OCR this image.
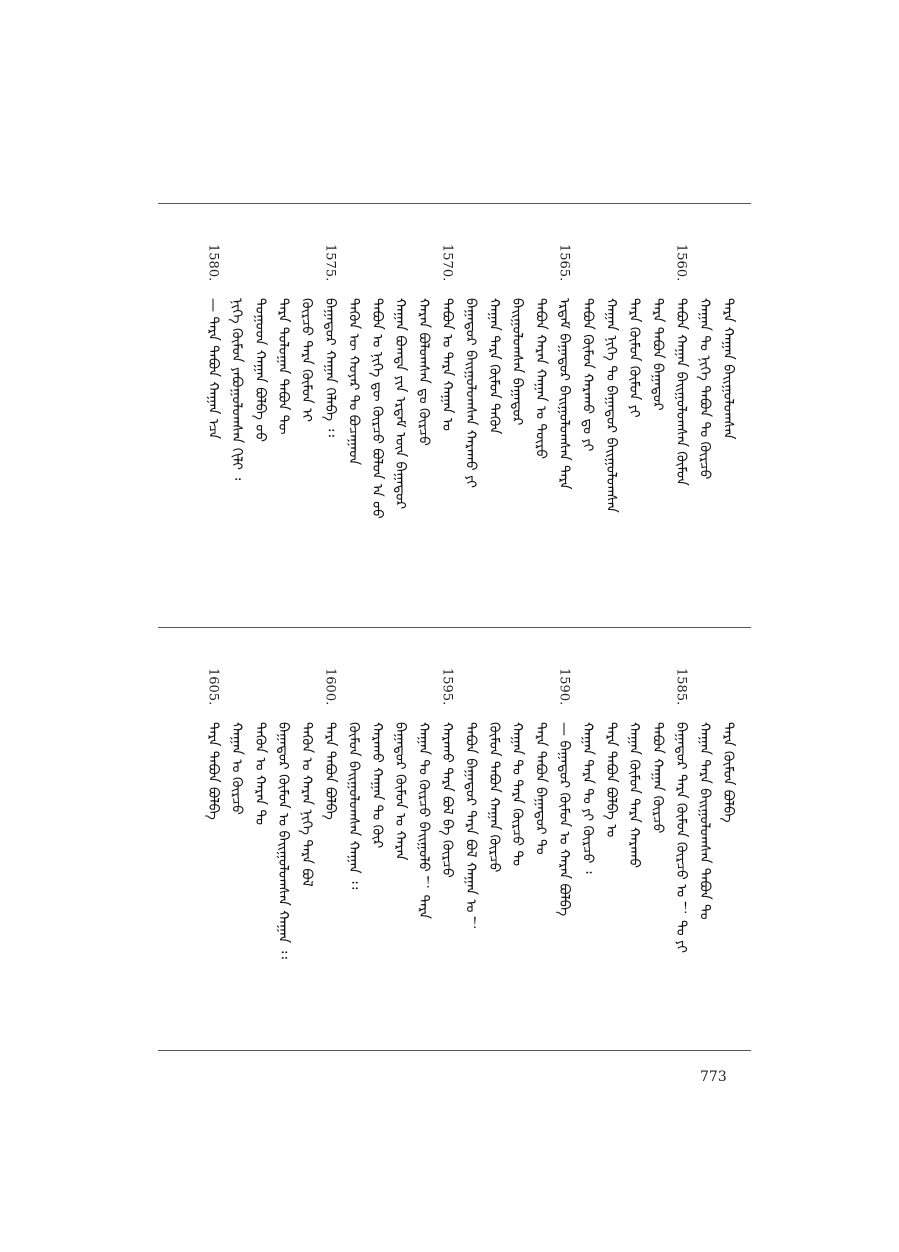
1580.
— ᠲᠡᠷᠡ ᠲᠠᠪᠤᠨ ᠬᠠᠭᠠᠨ ᠡᠴᠡ ᠨᠢᠭᠡ ᠬᠦᠮᠦᠨ ᠶᠠᠪᠤᠭᠤᠯᠤᠭᠰᠠᠨ ᠬᠢᠯᠢ ᠄ ᠳᠣᠭᠤᠳ ᠬᠠᠭᠠᠨ ᠪᠣᠯᠪᠠ ᠤᠤ ᠲᠡᠷᠡ ᠳᠣᠯᠣᠭᠠᠨ ᠲᠠᠪᠤᠨ ᠲᠦ ᠬᠦᠷᠴᠦ ᠲᠡᠷᠡ ᠬᠦᠮᠦᠨ ᠢ
1575.
ᠪᠠᠭᠠᠳᠤᠷ ᠬᠠᠭᠠᠨ ᠬᠡᠯᠡᠪᠡ ᠄᠄ ᠲᠡᠭᠦᠨ ᠦ ᠬᠣᠶᠠᠷ ᠲᠤ ᠪᠤᠴᠠᠭᠠᠳ ᠲᠠᠪᠤᠨ ᠤ ᠨᠢᠭᠡ ᠳᠦ ᠬᠦᠷᠴᠦ ᠪᠣᠯᠤᠨ ᠠ ᠤᠤ ᠬᠠᠭᠠᠨ ᠪᠣᠭᠳᠠ ᠶᠢᠨ ᠡᠷᠳᠡᠮ ᠦᠨ ᠪᠠᠭᠠᠳᠤᠷ ᠬᠠᠷᠠᠨ ᠪᠣᠯᠤᠭᠰᠠᠨ ᠳᠤ ᠬᠦᠷᠴᠦ
1570.
ᠲᠠᠪᠤᠨ ᠤ ᠲᠡᠷᠡ ᠬᠠᠭᠠᠨ ᠤ ᠪᠠᠭᠠᠳᠤᠷ ᠪᠠᠢᠭᠤᠯᠤᠭᠰᠠᠨ ᠬᠠᠷᠠᠬᠤ ᠶᠢ ᠬᠠᠭᠠᠨ ᠲᠡᠷᠡ ᠬᠦᠮᠦᠨ ᠲᠡᠭᠦᠨ ᠪᠠᠢᠭᠤᠯᠤᠭᠰᠠᠨ ᠪᠠᠭᠠᠳᠤᠷ ᠲᠠᠪᠤᠨ ᠬᠠᠷᠠᠨ ᠬᠠᠭᠠᠨ ᠤ ᠲᠦᠷᠦ
1565.
ᠡᠷᠳᠡᠮ ᠪᠠᠭᠠᠳᠤᠷ ᠪᠠᠢᠭᠤᠯᠤᠭᠰᠠᠨ ᠲᠡᠷᠡ ᠲᠠᠪᠤᠨ ᠬᠦᠮᠦᠨ ᠬᠠᠷᠠᠬᠤ ᠳᠤ ᠶᠢ ᠬᠠᠭᠠᠨ ᠨᠢᠭᠡ ᠲᠤ ᠪᠠᠭᠠᠳᠤᠷ ᠪᠠᠢᠭᠤᠯᠤᠭᠰᠠᠨ ᠲᠡᠷᠡ ᠬᠦᠮᠦᠨ ᠬᠦᠮᠦᠨ ᠶᠢ ᠲᠡᠷᠡ ᠲᠠᠪᠤᠨ ᠪᠠᠭᠠᠳᠤᠷ
1560.
ᠲᠠᠪᠤᠨ ᠬᠠᠭᠠᠨ ᠪᠠᠢᠭᠤᠯᠤᠭᠰᠠᠨ ᠬᠦᠮᠦᠨ ᠬᠠᠭᠠᠨ ᠲᠤ ᠨᠢᠭᠡ ᠲᠠᠪᠤᠨ ᠲᠤ ᠬᠦᠷᠴᠦ ᠲᠡᠷᠡ ᠬᠠᠭᠠᠨ ᠪᠠᠢᠭᠤᠯᠤᠭᠰᠠᠨ
1605.
ᠲᠡᠷᠡ ᠲᠠᠪᠤᠨ ᠪᠣᠯᠪᠠ ᠬᠠᠭᠠᠨ ᠤ ᠬᠦᠷᠴᠦ ᠲᠡᠭᠦᠨ ᠤ ᠬᠠᠷᠠᠨ ᠲᠤ ᠪᠠᠭᠠᠳᠤᠷ ᠬᠦᠮᠦᠨ ᠤ ᠪᠠᠢᠭᠤᠯᠤᠭᠰᠠᠨ ᠬᠠᠭᠠᠨ ᠄᠄ ᠲᠡᠭᠦᠨ ᠤ ᠬᠠᠷᠠᠨ ᠨᠢᠭᠡ ᠲᠡᠷᠡ ᠪᠣᠯ
1600.
ᠲᠡᠷᠡ ᠲᠠᠪᠤᠨ ᠪᠣᠯᠪᠠ ᠬᠦᠮᠦᠨ ᠪᠠᠢᠭᠤᠯᠤᠭᠰᠠᠨ ᠬᠠᠭᠠᠨ ᠄᠄ ᠬᠠᠷᠠᠬᠤ ᠬᠠᠭᠠᠨ ᠲᠤ ᠬᠦᠷ ᠪᠠᠭᠠᠳᠤᠷ ᠬᠦᠮᠦᠨ ᠤ ᠬᠠᠷᠠᠨ ᠬᠠᠭᠠᠨ ᠲᠤ ᠬᠦᠷᠴᠦ ᠪᠠᠢᠭᠤᠯᠤ ！ ᠲᠡᠷᠡ
1595.
ᠬᠠᠷᠠᠬᠤ ᠲᠡᠷᠡ ᠪᠣᠯ ᠪᠠ ᠬᠦᠷᠴᠦ ᠲᠠᠪᠤᠨ ᠪᠠᠭᠠᠳᠤᠷ ᠲᠡᠷᠡ ᠪᠣᠯ ᠬᠠᠭᠠᠨ ᠤ ！ ᠬᠦᠮᠦᠨ ᠲᠠᠪᠤᠨ ᠬᠠᠭᠠᠨ ᠬᠦᠷᠴᠦ ᠬᠠᠭᠠᠨ ᠲᠤ ᠲᠡᠷᠡ ᠬᠦᠷᠴᠦ ᠲᠤ ᠲᠡᠷᠡ ᠲᠠᠪᠤᠨ ᠪᠠᠭᠠᠳᠤᠷ ᠲᠤ
1590.
— ᠪᠠᠭᠠᠳᠤᠷ ᠬᠦᠮᠦᠨ ᠤ ᠬᠠᠷᠠᠨ ᠪᠣᠯᠪᠠ ᠬᠠᠭᠠᠨ ᠲᠡᠷᠡ ᠲᠤ ᠶᠢ ᠬᠦᠷᠴᠦ ᠄ ᠲᠡᠷᠡ ᠲᠠᠪᠤᠨ ᠪᠣᠯᠪᠠ ᠤ ᠬᠠᠭᠠᠨ ᠬᠦᠮᠦᠨ ᠲᠡᠷᠡ ᠬᠠᠷᠠᠬᠤ ᠲᠠᠪᠤᠨ ᠬᠠᠭᠠᠨ ᠬᠦᠷᠴᠦ
1585.
ᠪᠠᠭᠠᠳᠤᠷ ᠲᠡᠷᠡ ᠬᠦᠮᠦᠨ ᠬᠦᠷᠴᠦ ᠤ ！ ᠲᠤ ᠶᠢ ᠬᠠᠭᠠᠨ ᠲᠡᠷᠡ ᠪᠠᠢᠭᠤᠯᠤᠭᠰᠠᠨ ᠲᠠᠪᠤᠨ ᠲᠤ ᠲᠡᠷᠡ ᠬᠦᠮᠦᠨ ᠪᠣᠯᠪᠠ
773
